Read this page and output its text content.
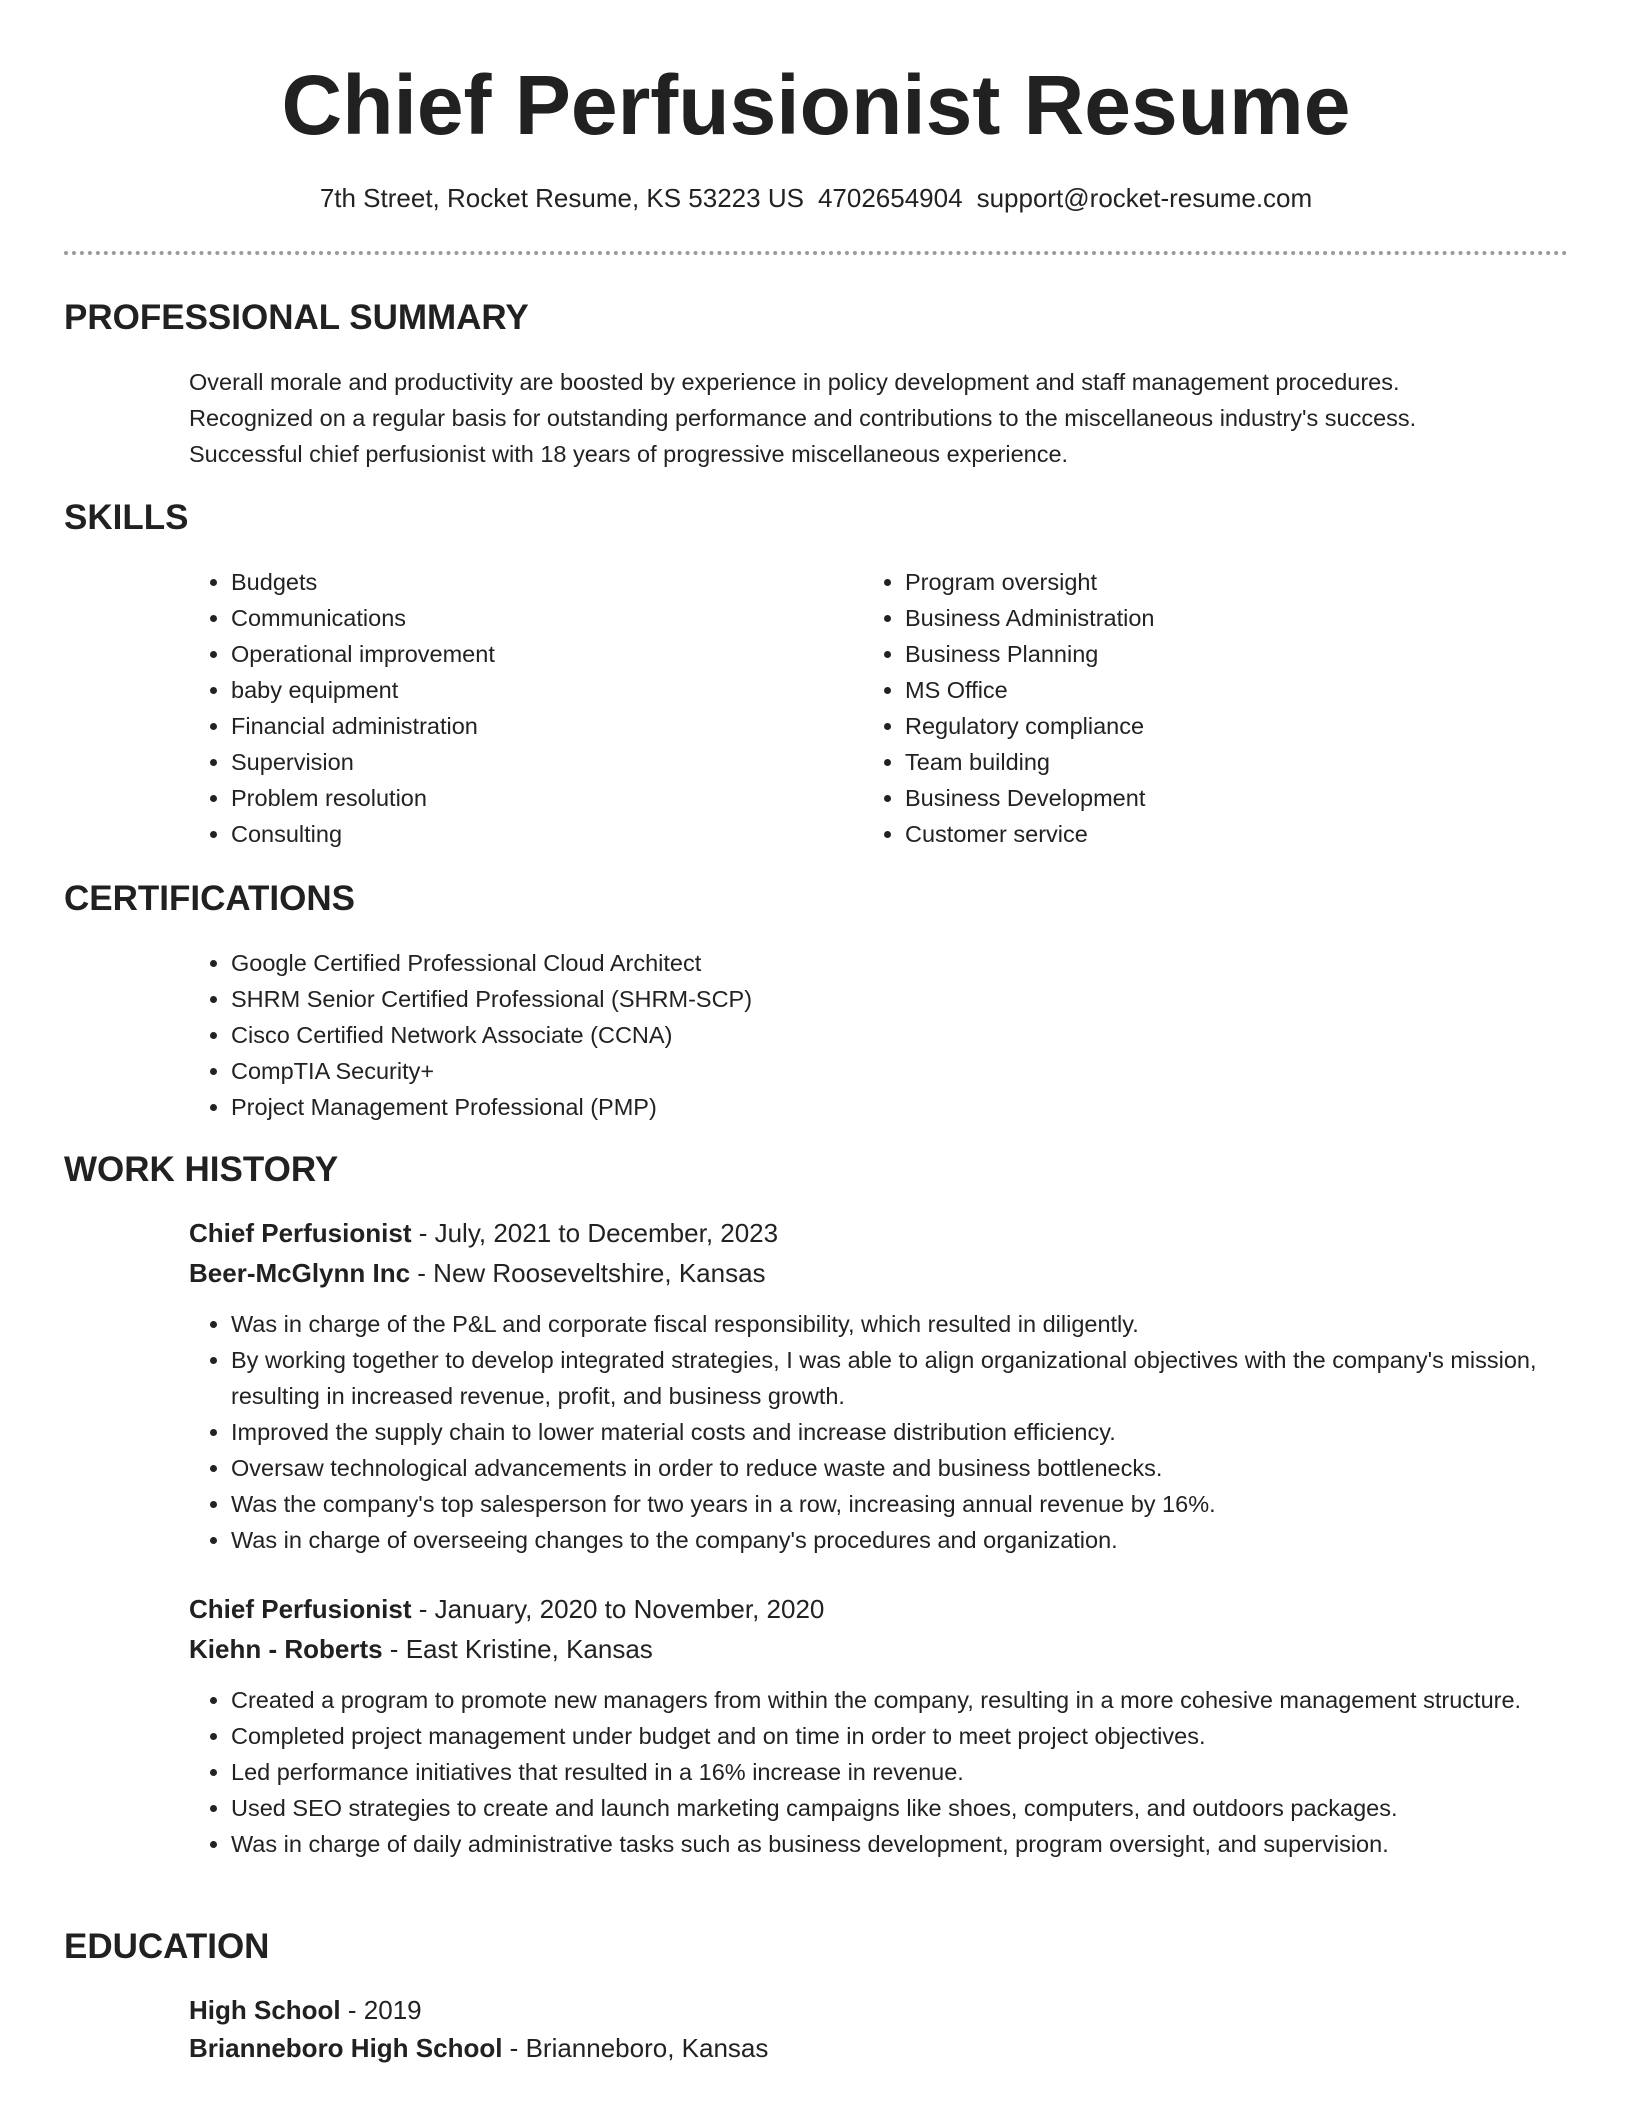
Chief Perfusionist Resume
7th Street, Rocket Resume, KS 53223 US 4702654904 support@rocket-resume.com
PROFESSIONAL SUMMARY

Overall morale and productivity are boosted by experience in policy development and staff management procedures.

Recognized on a regular basis for outstanding performance and contributions to the miscellaneous industry's success.

Successful chief perfusionist with 18 years of progressive miscellaneous experience.

SKILLS
• Budgets
• Communications
• Operational improvement
• baby equipment
• Financial administration
• Supervision
• Problem resolution
• Consulting
• Program oversight
• Business Administration
• Business Planning
• MS Office
• Regulatory compliance
• Team building
• Business Development
• Customer service
CERTIFICATIONS
• Google Certified Professional Cloud Architect
• SHRM Senior Certified Professional (SHRM-SCP)
• Cisco Certified Network Associate (CCNA)
• CompTIA Security+
• Project Management Professional (PMP)
WORK HISTORY
Chief Perfusionist - July, 2021 to December, 2023
Beer-McGlynn Inc - New Rooseveltshire, Kansas
• Was in charge of the P&L and corporate fiscal responsibility, which resulted in diligently.
• By working together to develop integrated strategies, I was able to align organizational objectives with the company's mission, resulting in increased revenue, profit, and business growth.
• Improved the supply chain to lower material costs and increase distribution efficiency.
• Oversaw technological advancements in order to reduce waste and business bottlenecks.
• Was the company's top salesperson for two years in a row, increasing annual revenue by 16%.
• Was in charge of overseeing changes to the company's procedures and organization.
Chief Perfusionist - January, 2020 to November, 2020
Kiehn - Roberts - East Kristine, Kansas
• Created a program to promote new managers from within the company, resulting in a more cohesive management structure.
• Completed project management under budget and on time in order to meet project objectives.
• Led performance initiatives that resulted in a 16% increase in revenue.
• Used SEO strategies to create and launch marketing campaigns like shoes, computers, and outdoors packages.
• Was in charge of daily administrative tasks such as business development, program oversight, and supervision.
EDUCATION
High School - 2019
Brianneboro High School - Brianneboro, Kansas
